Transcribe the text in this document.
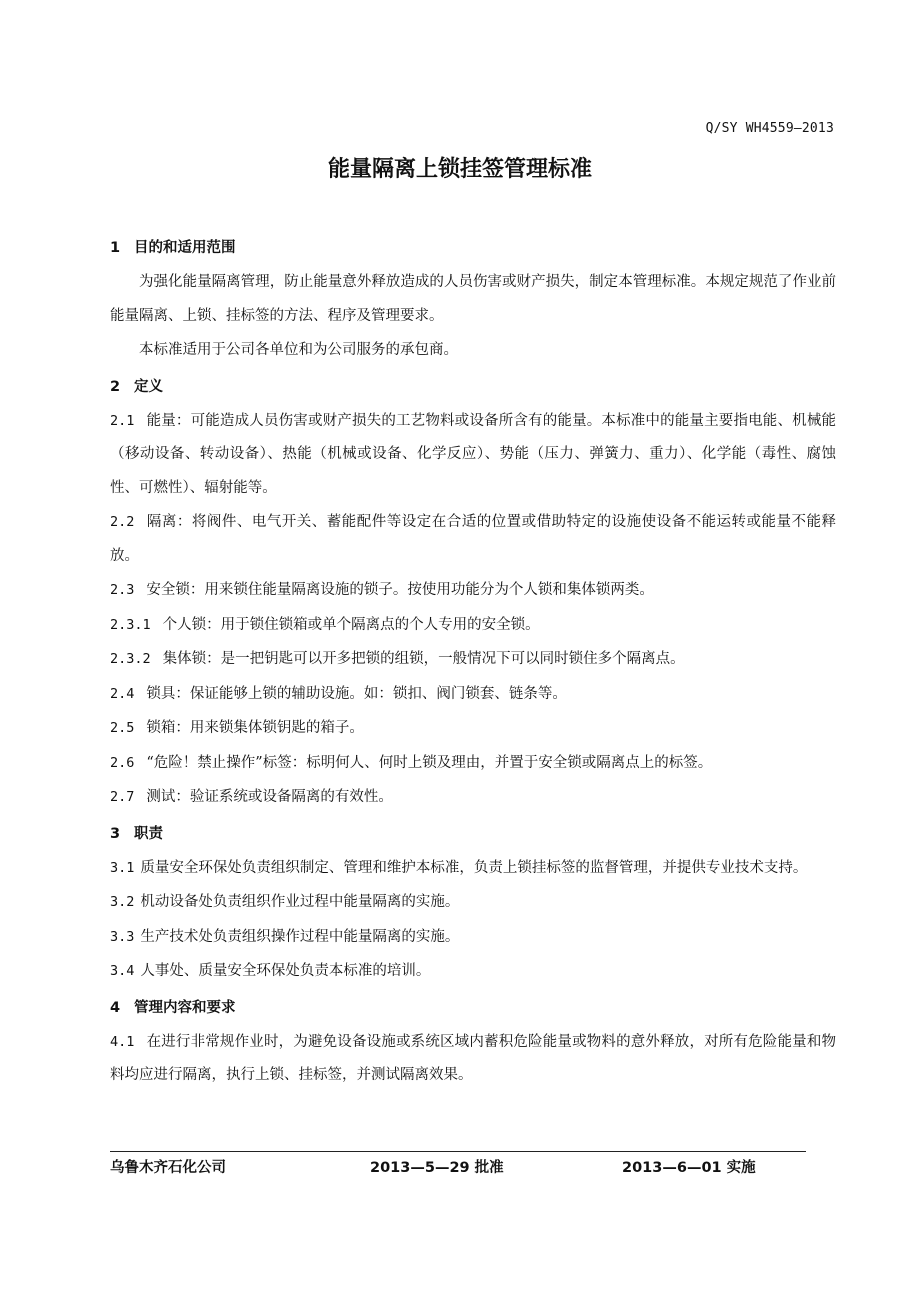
Q/SY WH4559—2013
能量隔离上锁挂签管理标准
1 目的和适用范围
为强化能量隔离管理，防止能量意外释放造成的人员伤害或财产损失，制定本管理标准。本规定规范了作业前能量隔离、上锁、挂标签的方法、程序及管理要求。
本标准适用于公司各单位和为公司服务的承包商。
2 定义
2.1 能量：可能造成人员伤害或财产损失的工艺物料或设备所含有的能量。本标准中的能量主要指电能、机械能（移动设备、转动设备）、热能（机械或设备、化学反应）、势能（压力、弹簧力、重力）、化学能（毒性、腐蚀性、可燃性）、辐射能等。
2.2 隔离：将阀件、电气开关、蓄能配件等设定在合适的位置或借助特定的设施使设备不能运转或能量不能释放。
2.3 安全锁：用来锁住能量隔离设施的锁子。按使用功能分为个人锁和集体锁两类。
2.3.1 个人锁：用于锁住锁箱或单个隔离点的个人专用的安全锁。
2.3.2 集体锁：是一把钥匙可以开多把锁的组锁，一般情况下可以同时锁住多个隔离点。
2.4 锁具：保证能够上锁的辅助设施。如：锁扣、阀门锁套、链条等。
2.5 锁箱：用来锁集体锁钥匙的箱子。
2.6 “危险！禁止操作”标签：标明何人、何时上锁及理由，并置于安全锁或隔离点上的标签。
2.7 测试：验证系统或设备隔离的有效性。
3 职责
3.1 质量安全环保处负责组织制定、管理和维护本标准，负责上锁挂标签的监督管理，并提供专业技术支持。
3.2 机动设备处负责组织作业过程中能量隔离的实施。
3.3 生产技术处负责组织操作过程中能量隔离的实施。
3.4 人事处、质量安全环保处负责本标准的培训。
4 管理内容和要求
4.1 在进行非常规作业时，为避免设备设施或系统区域内蓄积危险能量或物料的意外释放，对所有危险能量和物料均应进行隔离，执行上锁、挂标签，并测试隔离效果。
乌鲁木齐石化公司	2013—5—29 批准	2013—6—01 实施
